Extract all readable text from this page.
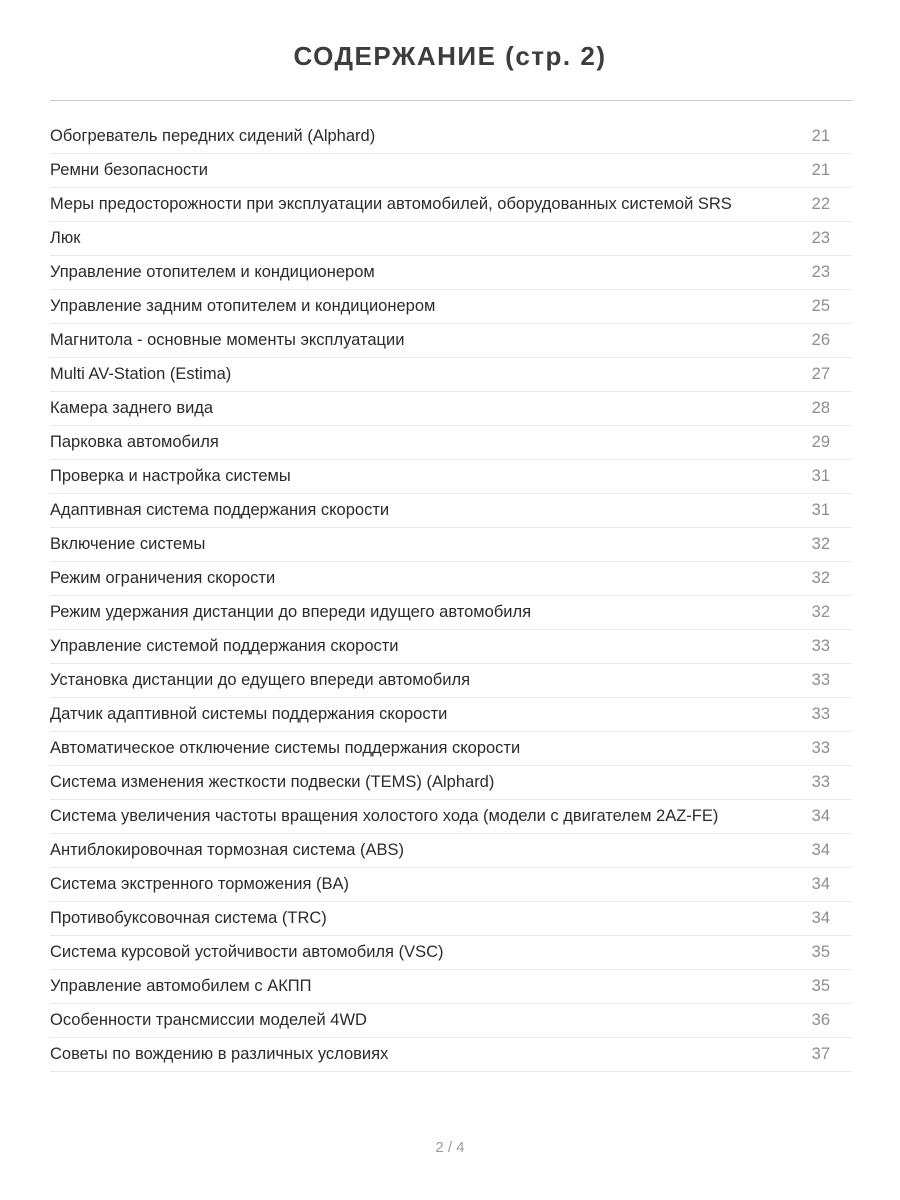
СОДЕРЖАНИЕ (стр. 2)
Обогреватель передних сидений (Alphard)	21
Ремни безопасности	21
Меры предосторожности при эксплуатации автомобилей, оборудованных системой SRS	22
Люк	23
Управление отопителем и кондиционером	23
Управление задним отопителем и кондиционером	25
Магнитола - основные моменты эксплуатации	26
Multi AV-Station (Estima)	27
Камера заднего вида	28
Парковка автомобиля	29
Проверка и настройка системы	31
Адаптивная система поддержания скорости	31
Включение системы	32
Режим ограничения скорости	32
Режим удержания дистанции до впереди идущего автомобиля	32
Управление системой поддержания скорости	33
Установка дистанции до едущего впереди автомобиля	33
Датчик адаптивной системы поддержания скорости	33
Автоматическое отключение системы поддержания скорости	33
Система изменения жесткости подвески (TEMS) (Alphard)	33
Система увеличения частоты вращения холостого хода (модели с двигателем 2AZ-FE)	34
Антиблокировочная тормозная система (ABS)	34
Система экстренного торможения (BA)	34
Противобуксовочная система (TRC)	34
Система курсовой устойчивости автомобиля (VSC)	35
Управление автомобилем с АКПП	35
Особенности трансмиссии моделей 4WD	36
Советы по вождению в различных условиях	37
2 / 4
